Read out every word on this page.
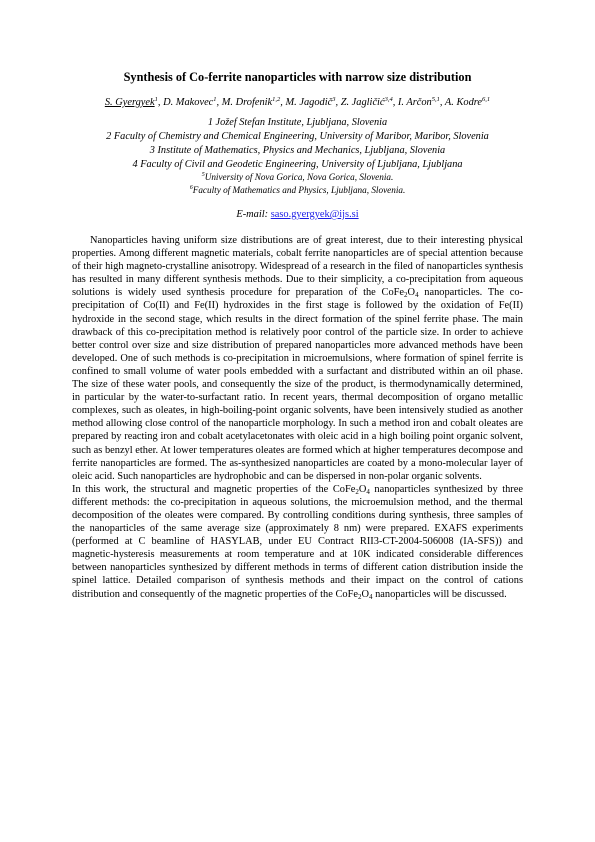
Synthesis of Co-ferrite nanoparticles with narrow size distribution
S. Gyergyek$^1$, D. Makovec$^1$, M. Drofenik$^{1,2}$, M. Jagodič$^3$, Z. Jagličić$^{3,4}$, I. Arčon$^{5,1}$, A. Kodre$^{6,1}$
1 Jožef Stefan Institute, Ljubljana, Slovenia
2 Faculty of Chemistry and Chemical Engineering, University of Maribor, Maribor, Slovenia
3 Institute of Mathematics, Physics and Mechanics, Ljubljana, Slovenia
4 Faculty of Civil and Geodetic Engineering, University of Ljubljana, Ljubljana
$^5$University of Nova Gorica, Nova Gorica, Slovenia.
$^6$Faculty of Mathematics and Physics, Ljubljana, Slovenia.
E-mail: saso.gyergyek@ijs.si

Nanoparticles having uniform size distributions are of great interest, due to their interesting physical properties. Among different magnetic materials, cobalt ferrite nanoparticles are of special attention because of their high magneto-crystalline anisotropy. Widespread of a research in the filed of nanoparticles synthesis has resulted in many different synthesis methods. Due to their simplicity, a co-precipitation from aqueous solutions is widely used synthesis procedure for preparation of the $CoFe_2O_4$ nanoparticles. The co-precipitation of Co(II) and Fe(II) hydroxides in the first stage is followed by the oxidation of Fe(II) hydroxide in the second stage, which results in the direct formation of the spinel ferrite phase. The main drawback of this co-precipitation method is relatively poor control of the particle size. In order to achieve better control over size and size distribution of prepared nanoparticles more advanced methods have been developed. One of such methods is co-precipitation in microemulsions, where formation of spinel ferrite is confined to small volume of water pools embedded with a surfactant and distributed within an oil phase. The size of these water pools, and consequently the size of the product, is thermodynamically determined, in particular by the water-to-surfactant ratio. In recent years, thermal decomposition of organo metallic complexes, such as oleates, in high-boiling-point organic solvents, have been intensively studied as another method allowing close control of the nanoparticle morphology. In such a method iron and cobalt oleates are prepared by reacting iron and cobalt acetylacetonates with oleic acid in a high boiling point organic solvent, such as benzyl ether. At lower temperatures oleates are formed which at higher temperatures decompose and ferrite nanoparticles are formed. The as-synthesized nanoparticles are coated by a mono-molecular layer of oleic acid. Such nanoparticles are hydrophobic and can be dispersed in non-polar organic solvents.

In this work, the structural and magnetic properties of the $CoFe_2O_4$ nanoparticles synthesized by three different methods: the co-precipitation in aqueous solutions, the microemulsion method, and the thermal decomposition of the oleates were compared. By controlling conditions during synthesis, three samples of the nanoparticles of the same average size (approximately 8 nm) were prepared. EXAFS experiments (performed at C beamline of HASYLAB, under EU Contract RII3-CT-2004-506008 (IA-SFS)) and magnetic-hysteresis measurements at room temperature and at 10K indicated considerable differences between nanoparticles synthesized by different methods in terms of different cation distribution inside the spinel lattice. Detailed comparison of synthesis methods and their impact on the control of cations distribution and consequently of the magnetic properties of the $CoFe_2O_4$ nanoparticles will be discussed.
